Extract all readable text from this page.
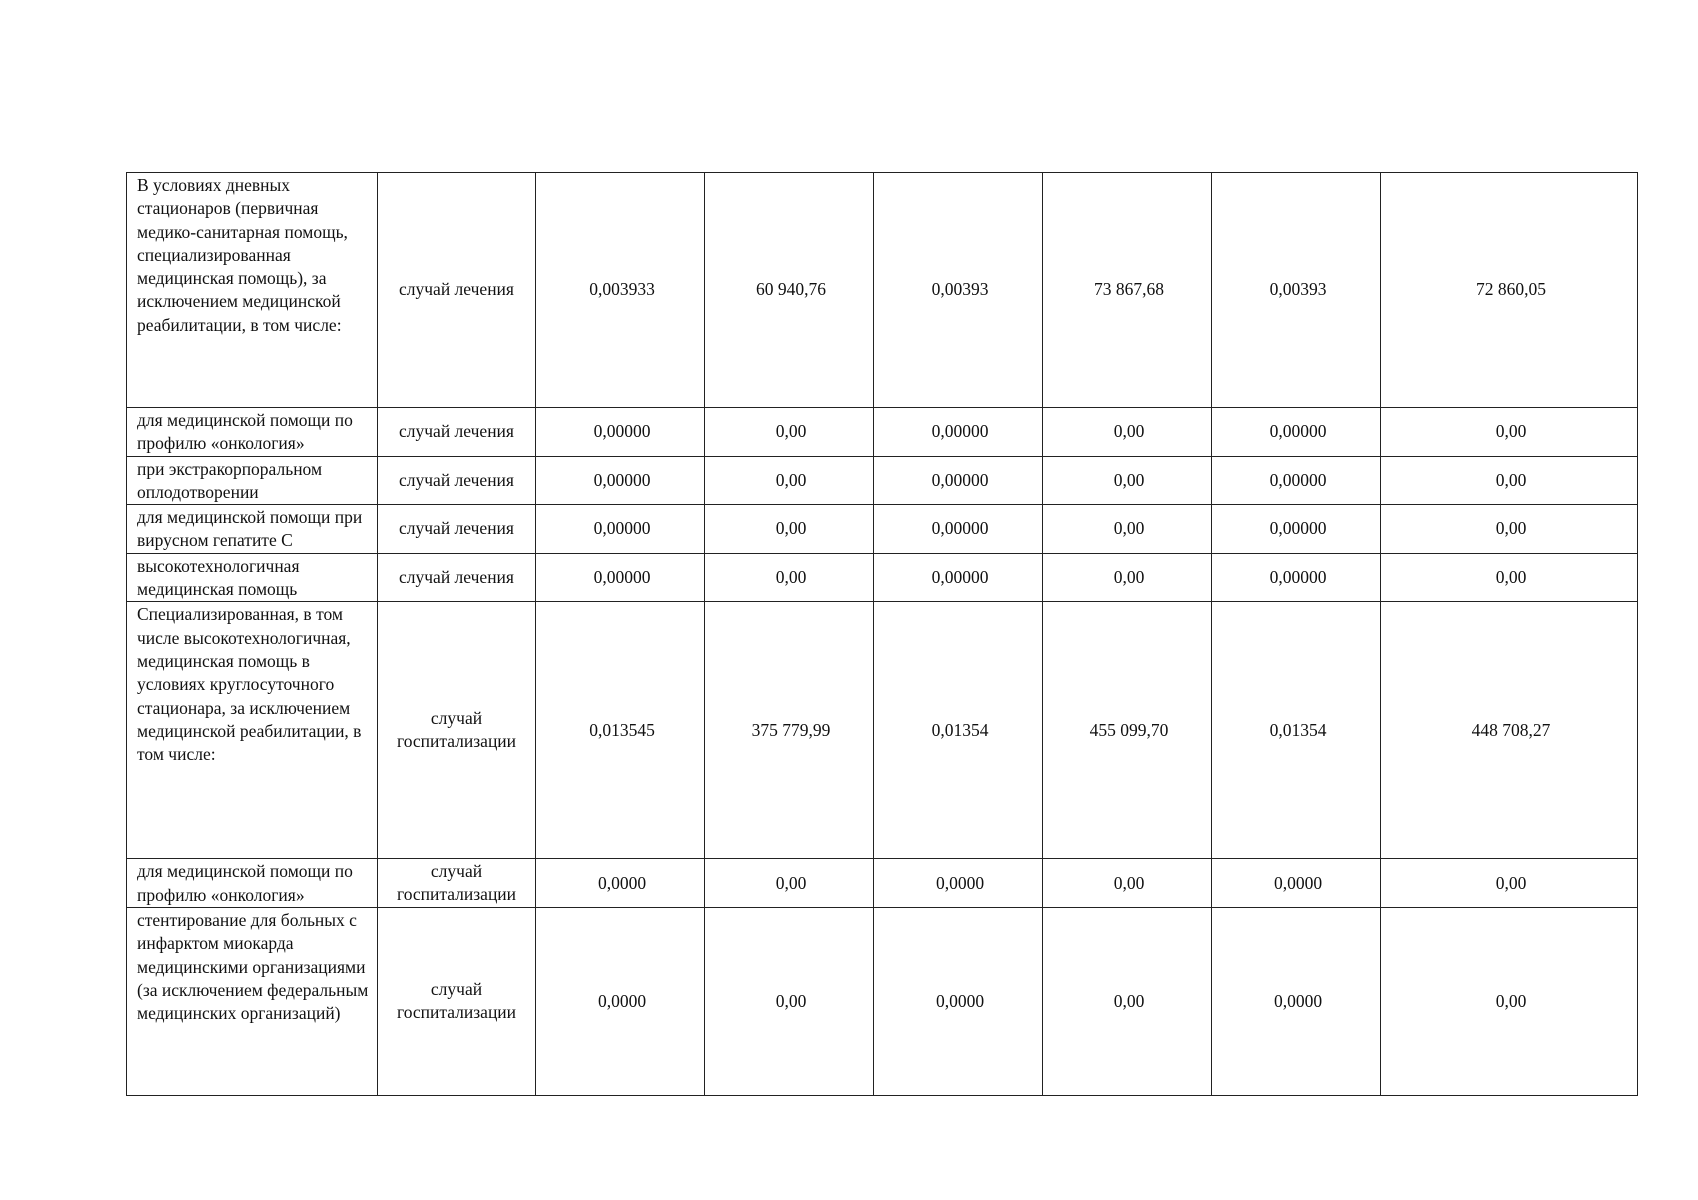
В условиях дневных стационаров (первичная медико-санитарная помощь, специализированная медицинская помощь), за исключением медицинской реабилитации, в том числе:	случай лечения	0,003933	60 940,76	0,00393	73 867,68	0,00393	72 860,05
для медицинской помощи по профилю «онкология»	случай лечения	0,00000	0,00	0,00000	0,00	0,00000	0,00
при экстракорпоральном оплодотворении	случай лечения	0,00000	0,00	0,00000	0,00	0,00000	0,00
для медицинской помощи при вирусном гепатите С	случай лечения	0,00000	0,00	0,00000	0,00	0,00000	0,00
высокотехнологичная медицинская помощь	случай лечения	0,00000	0,00	0,00000	0,00	0,00000	0,00
Специализированная, в том числе высокотехнологичная, медицинская помощь в условиях круглосуточного стационара, за исключением медицинской реабилитации, в том числе:	случай госпитализации	0,013545	375 779,99	0,01354	455 099,70	0,01354	448 708,27
для медицинской помощи по профилю «онкология»	случай госпитализации	0,0000	0,00	0,0000	0,00	0,0000	0,00
стентирование для больных с инфарктом миокарда медицинскими организациями (за исключением федеральным медицинских организаций)	случай госпитализации	0,0000	0,00	0,0000	0,00	0,0000	0,00
